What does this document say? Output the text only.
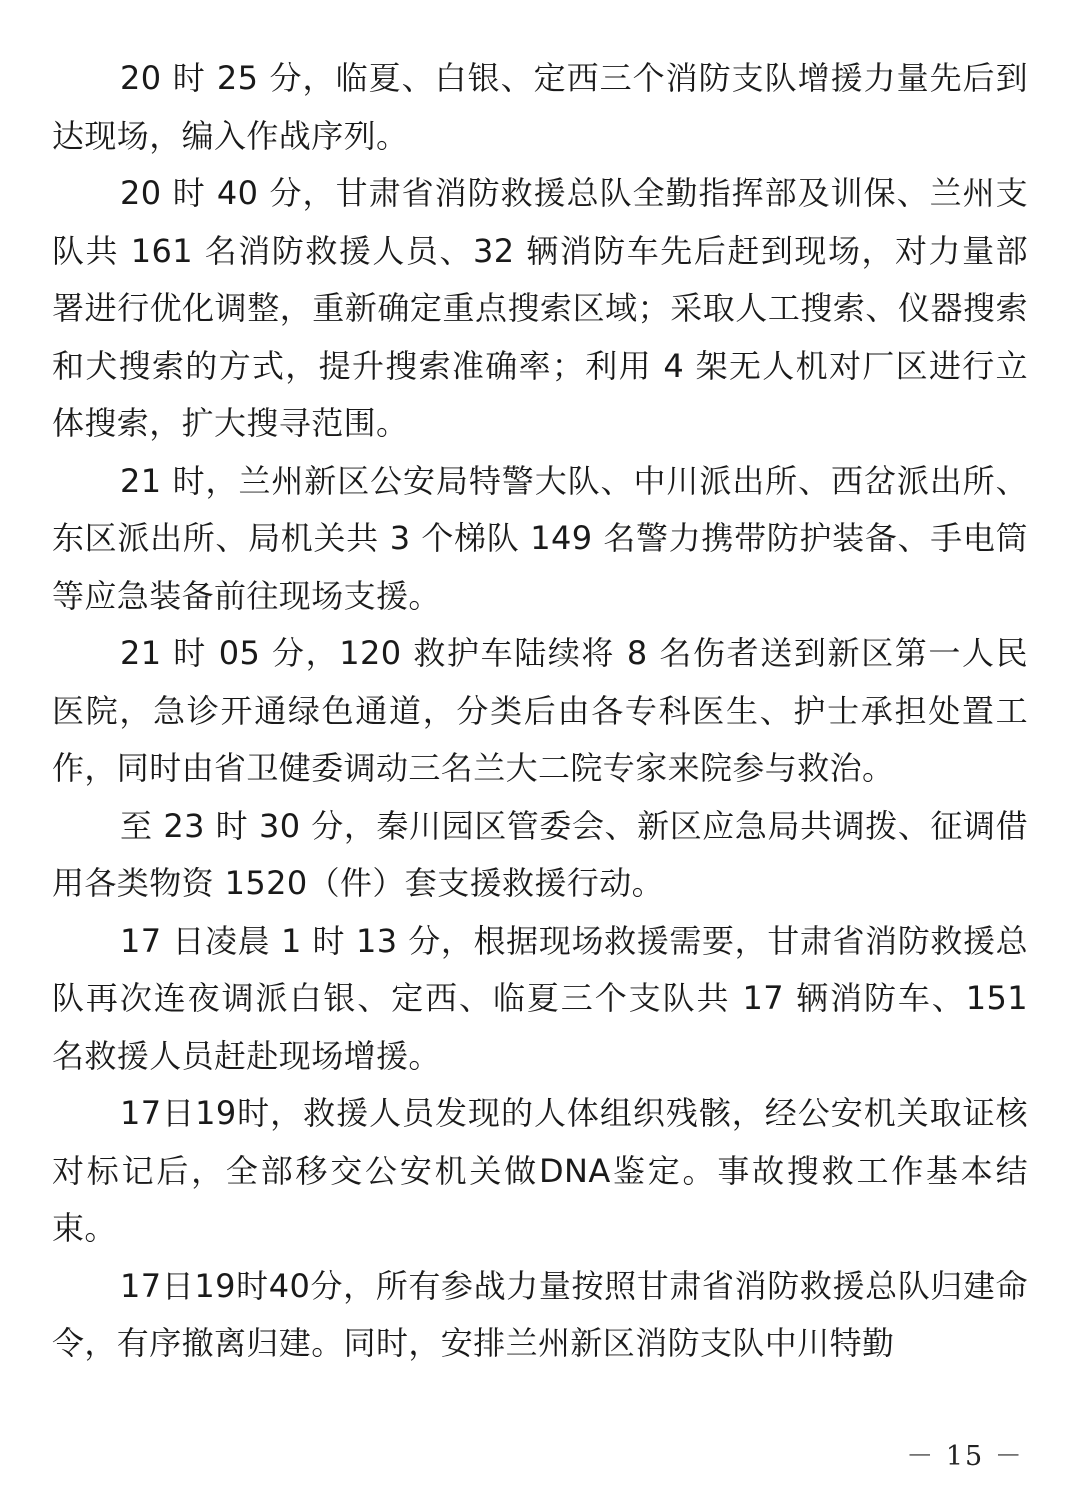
20 时 25 分，临夏、白银、定西三个消防支队增援力量先后到达现场，编入作战序列。

20 时 40 分，甘肃省消防救援总队全勤指挥部及训保、兰州支队共 161 名消防救援人员、32 辆消防车先后赶到现场，对力量部署进行优化调整，重新确定重点搜索区域；采取人工搜索、仪器搜索和犬搜索的方式，提升搜索准确率；利用 4 架无人机对厂区进行立体搜索，扩大搜寻范围。

21 时，兰州新区公安局特警大队、中川派出所、西岔派出所、东区派出所、局机关共 3 个梯队 149 名警力携带防护装备、手电筒等应急装备前往现场支援。

21 时 05 分，120 救护车陆续将 8 名伤者送到新区第一人民医院，急诊开通绿色通道，分类后由各专科医生、护士承担处置工作，同时由省卫健委调动三名兰大二院专家来院参与救治。

至 23 时 30 分，秦川园区管委会、新区应急局共调拨、征调借用各类物资 1520（件）套支援救援行动。

17 日凌晨 1 时 13 分，根据现场救援需要，甘肃省消防救援总队再次连夜调派白银、定西、临夏三个支队共 17 辆消防车、151 名救援人员赶赴现场增援。

17日19时，救援人员发现的人体组织残骸，经公安机关取证核对标记后，全部移交公安机关做DNA鉴定。事故搜救工作基本结束。

17日19时40分，所有参战力量按照甘肃省消防救援总队归建命令，有序撤离归建。同时，安排兰州新区消防支队中川特勤

－ 15 －
